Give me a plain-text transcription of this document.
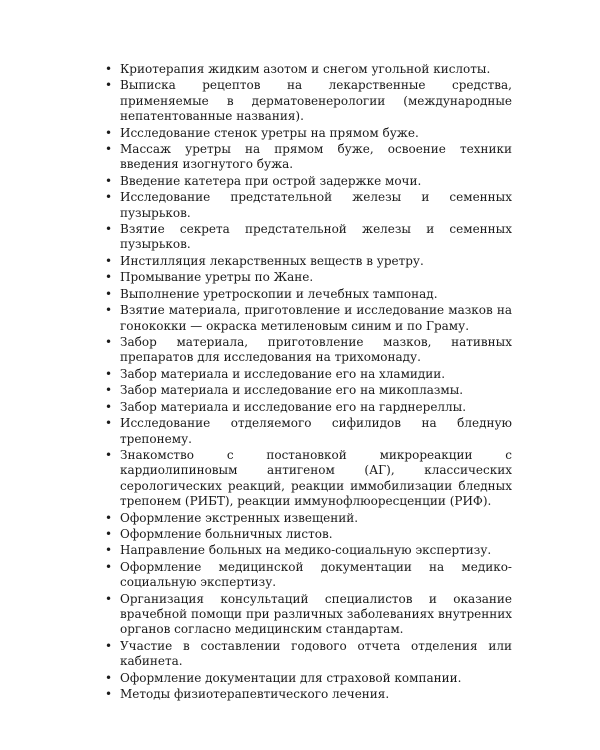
• Криотерапия жидким азотом и снегом угольной кислоты.
• Выписка рецептов на лекарственные средства, применяемые в дерматовенерологии (международные непатентованные названия).
• Исследование стенок уретры на прямом буже.
• Массаж уретры на прямом буже, освоение техники введения изогнутого бужа.
• Введение катетера при острой задержке мочи.
• Исследование предстательной железы и семенных пузырьков.
• Взятие секрета предстательной железы и семенных пузырьков.
• Инстилляция лекарственных веществ в уретру.
• Промывание уретры по Жане.
• Выполнение уретроскопии и лечебных тампонад.
• Взятие материала, приготовление и исследование мазков на гонококки — окраска метиленовым синим и по Граму.
• Забор материала, приготовление мазков, нативных препаратов для исследования на трихомонаду.
• Забор материала и исследование его на хламидии.
• Забор материала и исследование его на микоплазмы.
• Забор материала и исследование его на гарднереллы.
• Исследование отделяемого сифилидов на бледную трепонему.
• Знакомство с постановкой микрореакции с кардиолипиновым антигеном (АГ), классических серологических реакций, реакции иммобилизации бледных трепонем (РИБТ), реакции иммунофлюоресценции (РИФ).
• Оформление экстренных извещений.
• Оформление больничных листов.
• Направление больных на медико-социальную экспертизу.
• Оформление медицинской документации на медико-социальную экспертизу.
• Организация консультаций специалистов и оказание врачебной помощи при различных заболеваниях внутренних органов согласно медицинским стандартам.
• Участие в составлении годового отчета отделения или кабинета.
• Оформление документации для страховой компании.
• Методы физиотерапевтического лечения.
